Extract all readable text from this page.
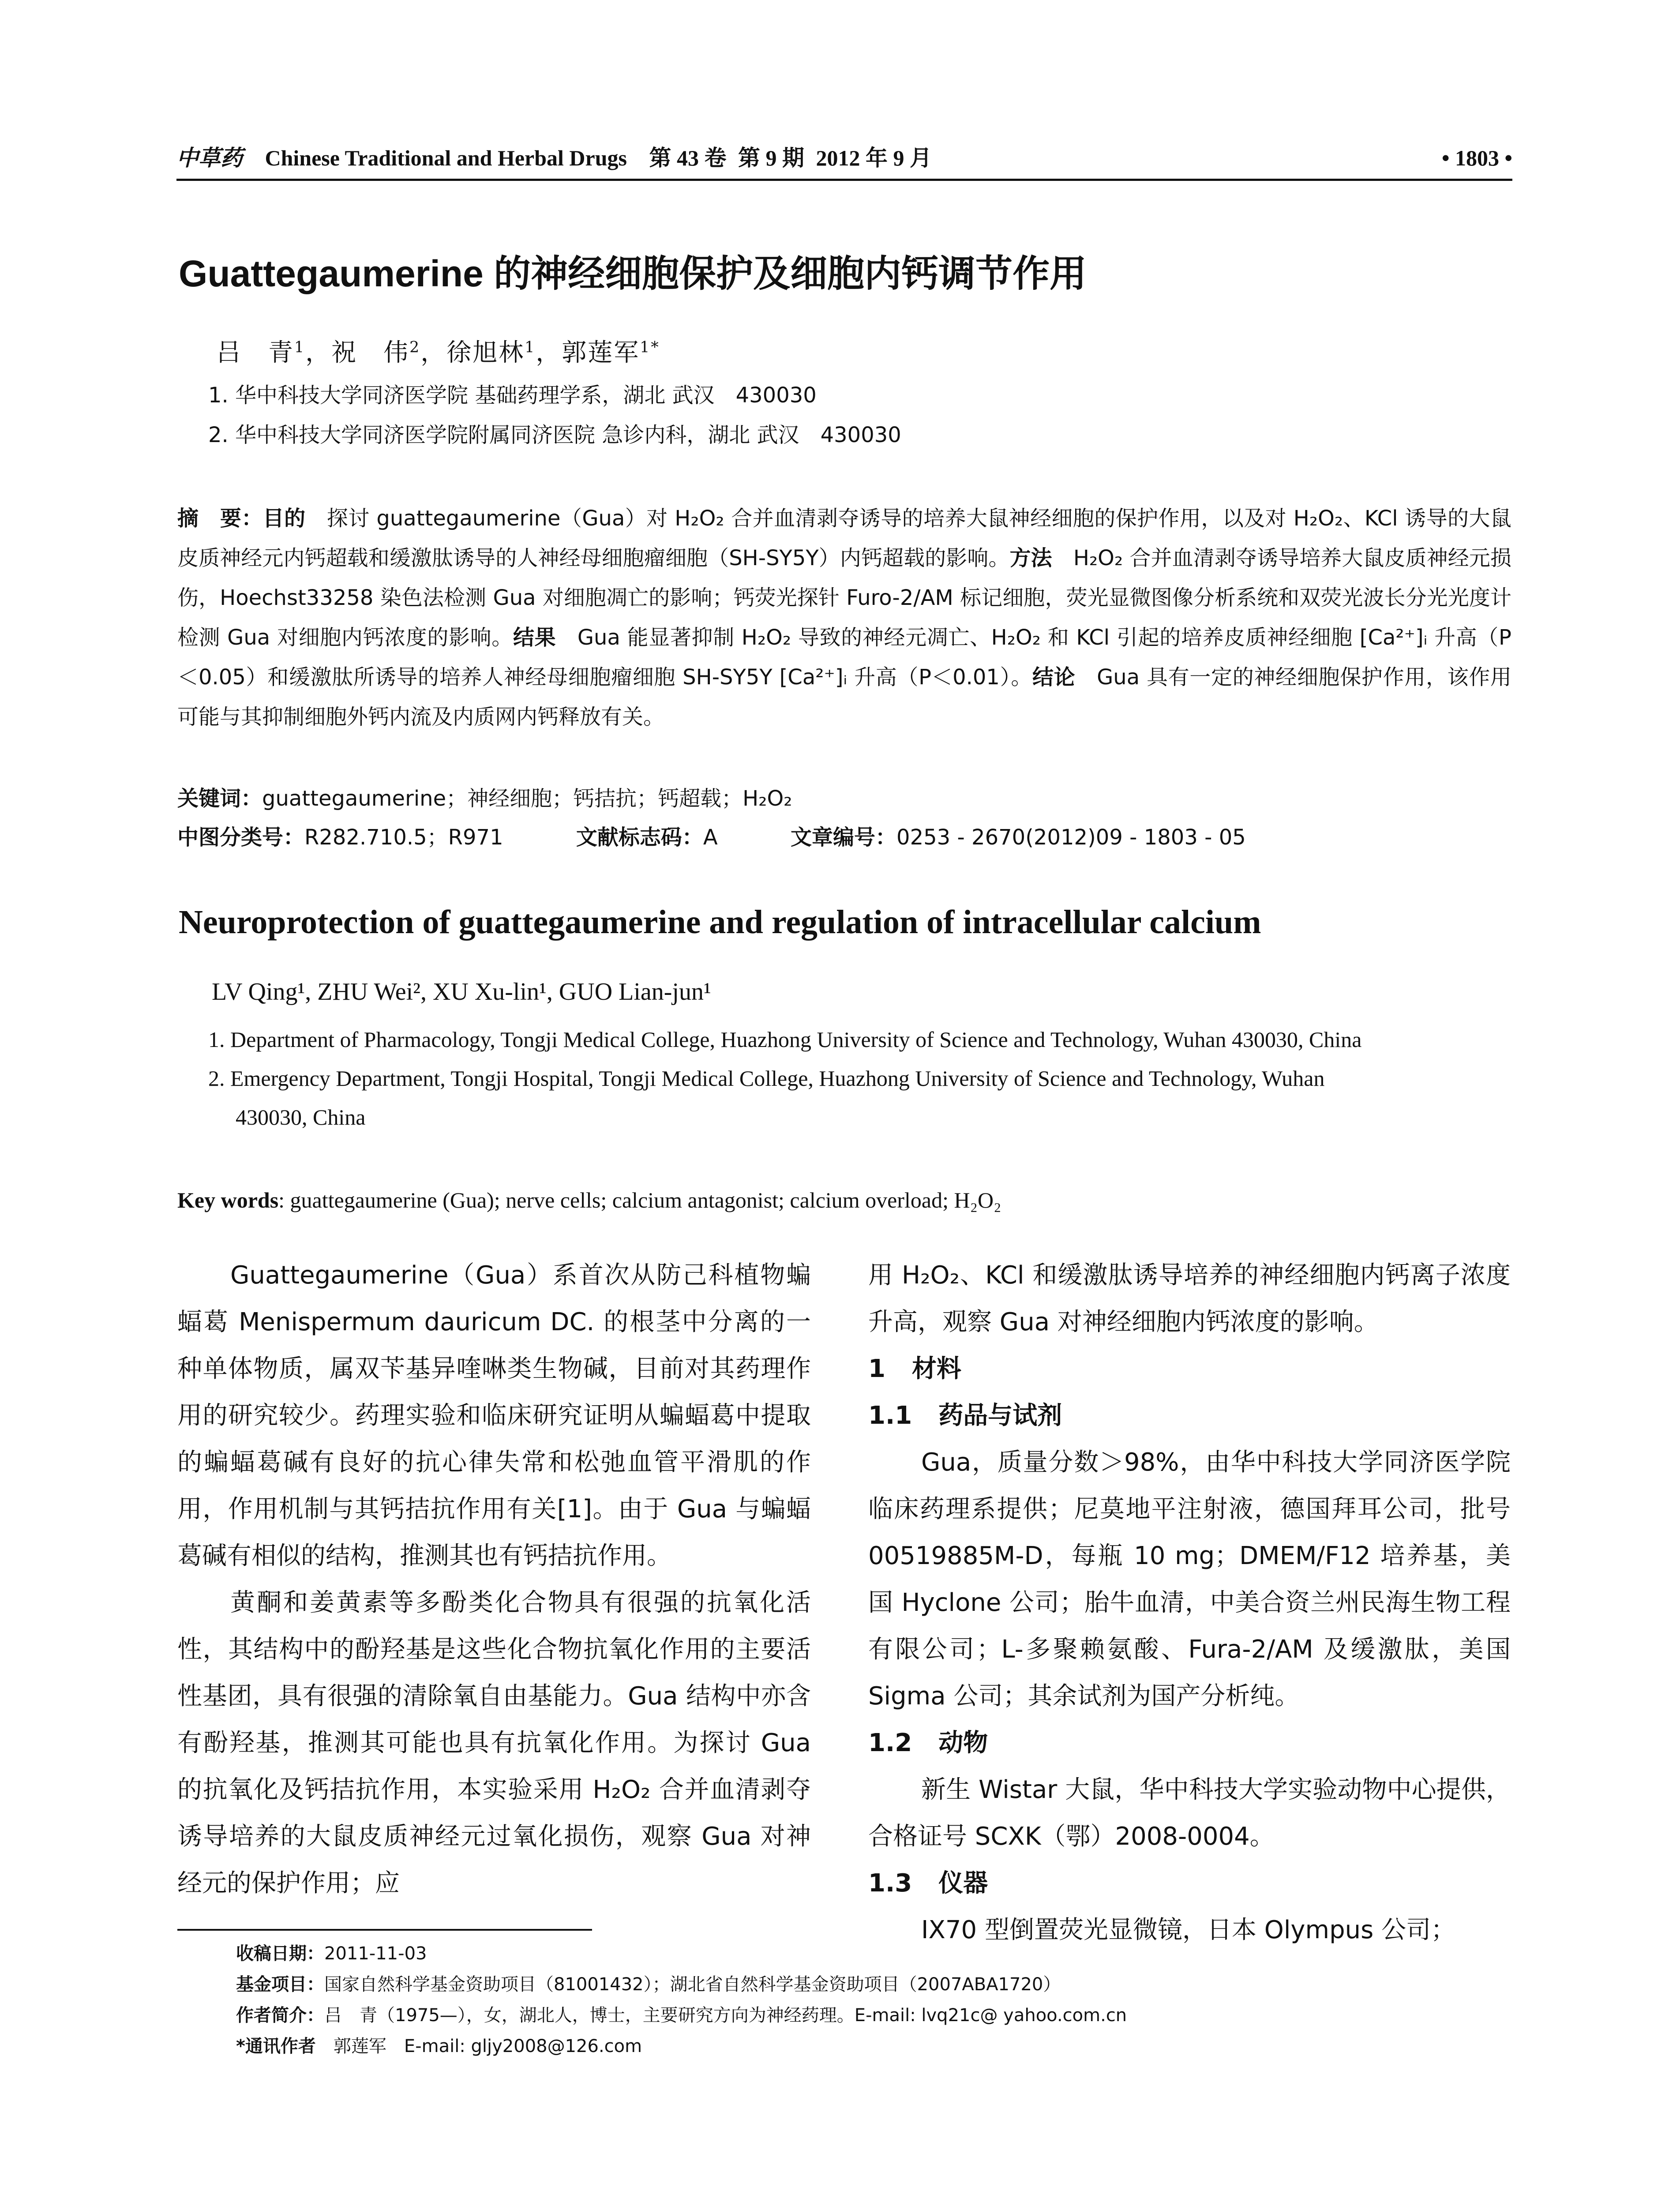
中草药 Chinese Traditional and Herbal Drugs 第 43 卷 第 9 期 2012 年 9 月	• 1803 •
Guattegaumerine 的神经细胞保护及细胞内钙调节作用
吕　青$^1$，祝　伟$^2$，徐旭林$^1$，郭莲军$^{1*}$
1. 华中科技大学同济医学院 基础药理学系，湖北 武汉　430030
2. 华中科技大学同济医学院附属同济医院 急诊内科，湖北 武汉　430030
摘　要：目的　 探讨 guattegaumerine（Gua）对 H₂O₂ 合并血清剥夺诱导的培养大鼠神经细胞的保护作用，以及对 H₂O₂、KCl 诱导的大鼠皮质神经元内钙超载和缓激肽诱导的人神经母细胞瘤细胞（SH-SY5Y）内钙超载的影响。方法　 H₂O₂ 合并血清剥夺诱导培养大鼠皮质神经元损伤，Hoechst33258 染色法检测 Gua 对细胞凋亡的影响；钙荧光探针 Furo-2/AM 标记细胞，荧光显微图像分析系统和双荧光波长分光光度计检测 Gua 对细胞内钙浓度的影响。结果　 Gua 能显著抑制 H₂O₂ 导致的神经元凋亡、H₂O₂ 和 KCl 引起的培养皮质神经细胞 [Ca²⁺]ᵢ 升高（P＜0.05）和缓激肽所诱导的培养人神经母细胞瘤细胞 SH-SY5Y [Ca²⁺]ᵢ 升高（P＜0.01）。结论　 Gua 具有一定的神经细胞保护作用，该作用可能与其抑制细胞外钙内流及内质网内钙释放有关。
关键词：guattegaumerine；神经细胞；钙拮抗；钙超载；H₂O₂
中图分类号：R282.710.5；R971	文献标志码：A	文章编号：0253 - 2670(2012)09 - 1803 - 05
Neuroprotection of guattegaumerine and regulation of intracellular calcium
LV Qing¹, ZHU Wei², XU Xu-lin¹, GUO Lian-jun¹
1. Department of Pharmacology, Tongji Medical College, Huazhong University of Science and Technology, Wuhan 430030, China
2. Emergency Department, Tongji Hospital, Tongji Medical College, Huazhong University of Science and Technology, Wuhan
430030, China
Key words: guattegaumerine (Gua); nerve cells; calcium antagonist; calcium overload; H₂O₂

Guattegaumerine（Gua）系首次从防己科植物蝙蝠葛 Menispermum dauricum DC. 的根茎中分离的一种单体物质，属双苄基异喹啉类生物碱，目前对其药理作用的研究较少。药理实验和临床研究证明从蝙蝠葛中提取的蝙蝠葛碱有良好的抗心律失常和松弛血管平滑肌的作用，作用机制与其钙拮抗作用有关[1]。由于 Gua 与蝙蝠葛碱有相似的结构，推测其也有钙拮抗作用。

黄酮和姜黄素等多酚类化合物具有很强的抗氧化活性，其结构中的酚羟基是这些化合物抗氧化作用的主要活性基团，具有很强的清除氧自由基能力。Gua 结构中亦含有酚羟基，推测其可能也具有抗氧化作用。为探讨 Gua 的抗氧化及钙拮抗作用，本实验采用 H₂O₂ 合并血清剥夺诱导培养的大鼠皮质神经元过氧化损伤，观察 Gua 对神经元的保护作用；应

用 H₂O₂、KCl 和缓激肽诱导培养的神经细胞内钙离子浓度升高，观察 Gua 对神经细胞内钙浓度的影响。

1 材料
1.1 药品与试剂

Gua，质量分数＞98%，由华中科技大学同济医学院临床药理系提供；尼莫地平注射液，德国拜耳公司，批号 00519885M-D，每瓶 10 mg；DMEM/F12 培养基，美国 Hyclone 公司；胎牛血清，中美合资兰州民海生物工程有限公司；L-多聚赖氨酸、Fura-2/AM 及缓激肽，美国 Sigma 公司；其余试剂为国产分析纯。

1.2 动物

新生 Wistar 大鼠，华中科技大学实验动物中心提供，合格证号 SCXK（鄂）2008-0004。

1.3 仪器

IX70 型倒置荧光显微镜，日本 Olympus 公司；

收稿日期：2011-11-03
基金项目：国家自然科学基金资助项目（81001432）；湖北省自然科学基金资助项目（2007ABA1720）
作者简介：吕　青（1975—），女，湖北人，博士，主要研究方向为神经药理。E-mail: lvq21c@ yahoo.com.cn
*通讯作者　郭莲军　E-mail: gljy2008@126.com
